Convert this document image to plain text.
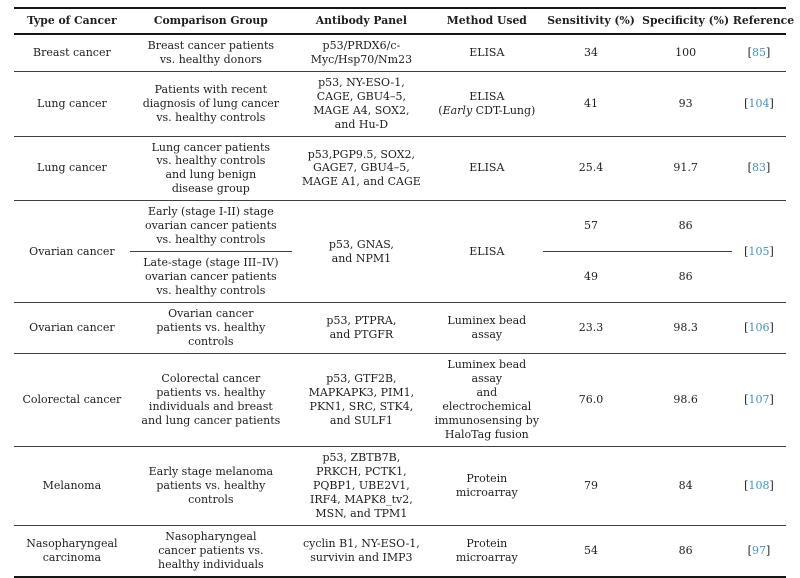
Type of Cancer	Comparison Group	Antibody Panel	Method Used	Sensitivity (%)	Specificity (%)	Reference
Breast cancer	Breast cancer patients
vs. healthy donors	p53/PRDX6/c-
Myc/Hsp70/Nm23	ELISA	34	100	[85]
Lung cancer	Patients with recent
diagnosis of lung cancer
vs. healthy controls	p53, NY-ESO-1,
CAGE, GBU4–5,
MAGE A4, SOX2,
and Hu-D	ELISA
(Early CDT-Lung)	41	93	[104]
Lung cancer	Lung cancer patients
vs. healthy controls
and lung benign
disease group	p53,PGP9.5, SOX2,
GAGE7, GBU4–5,
MAGE A1, and CAGE	ELISA	25.4	91.7	[83]
Ovarian cancer	Early (stage I-II) stage
ovarian cancer patients
vs. healthy controls	p53, GNAS,
and NPM1	ELISA	57	86	[105]
	Late-stage (stage III–IV)
ovarian cancer patients
vs. healthy controls			49	86	
Ovarian cancer	Ovarian cancer
patients vs. healthy
controls	p53, PTPRA,
and PTGFR	Luminex bead assay	23.3	98.3	[106]
Colorectal cancer	Colorectal cancer
patients vs. healthy
individuals and breast
and lung cancer patients	p53, GTF2B,
MAPKAPK3, PIM1,
PKN1, SRC, STK4,
and SULF1	Luminex bead assay
and electrochemical
immunosensing by
HaloTag fusion	76.0	98.6	[107]
Melanoma	Early stage melanoma
patients vs. healthy
controls	p53, ZBTB7B,
PRKCH, PCTK1,
PQBP1, UBE2V1,
IRF4, MAPK8_tv2,
MSN, and TPM1	Protein microarray	79	84	[108]
Nasopharyngeal
carcinoma	Nasopharyngeal
cancer patients vs.
healthy individuals	cyclin B1, NY-ESO-1,
survivin and IMP3	Protein microarray	54	86	[97]
